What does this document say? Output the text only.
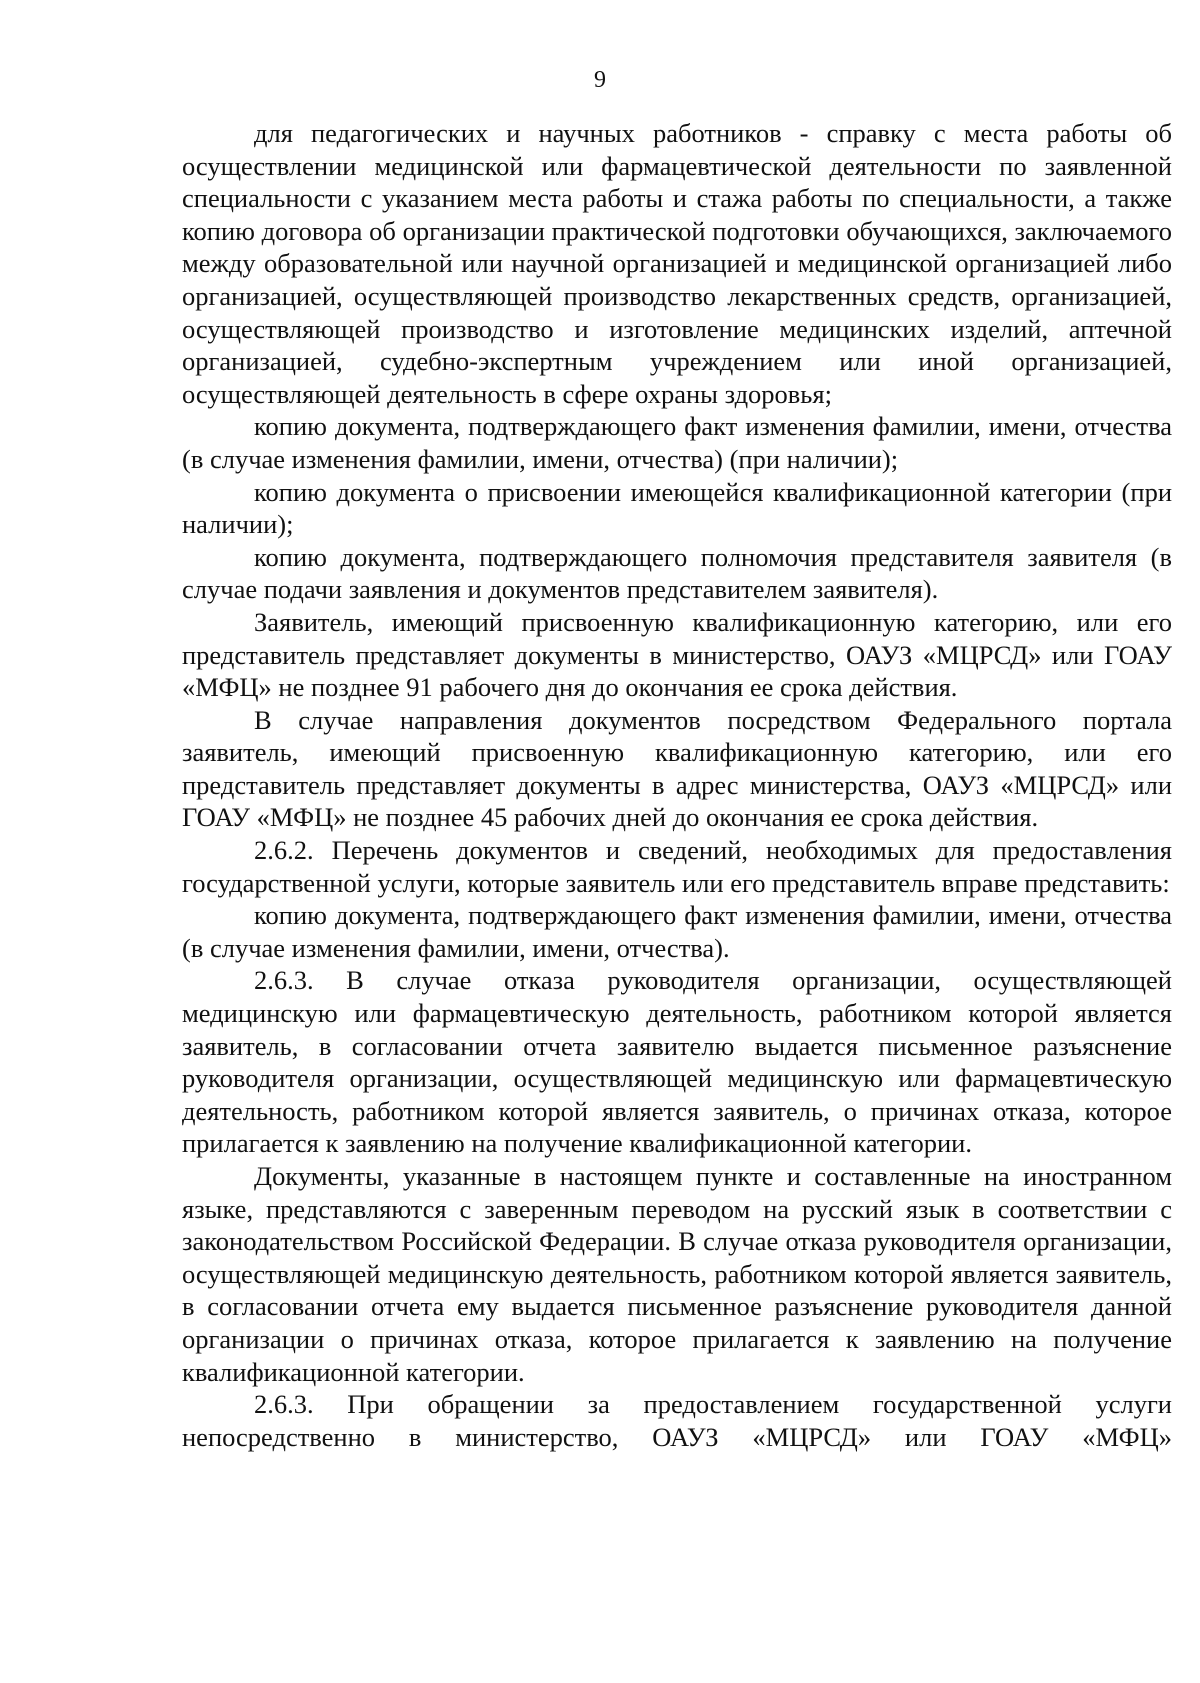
9

для педагогических и научных работников - справку с места работы об осуществлении медицинской или фармацевтической деятельности по заявленной специальности с указанием места работы и стажа работы по специальности, а также копию договора об организации практической подготовки обучающихся, заключаемого между образовательной или научной организацией и медицинской организацией либо организацией, осуществляющей производство лекарственных средств, организацией, осуществляющей производство и изготовление медицинских изделий, аптечной организацией, судебно-экспертным учреждением или иной организацией, осуществляющей деятельность в сфере охраны здоровья;

копию документа, подтверждающего факт изменения фамилии, имени, отчества (в случае изменения фамилии, имени, отчества) (при наличии);

копию документа о присвоении имеющейся квалификационной категории (при наличии);

копию документа, подтверждающего полномочия представителя заявителя (в случае подачи заявления и документов представителем заявителя).

Заявитель, имеющий присвоенную квалификационную категорию, или его представитель представляет документы в министерство, ОАУЗ «МЦРСД» или ГОАУ «МФЦ» не позднее 91 рабочего дня до окончания ее срока действия.

В случае направления документов посредством Федерального портала заявитель, имеющий присвоенную квалификационную категорию, или его представитель представляет документы в адрес министерства, ОАУЗ «МЦРСД» или ГОАУ «МФЦ» не позднее 45 рабочих дней до окончания ее срока действия.

2.6.2. Перечень документов и сведений, необходимых для предоставления государственной услуги, которые заявитель или его представитель вправе представить:

копию документа, подтверждающего факт изменения фамилии, имени, отчества (в случае изменения фамилии, имени, отчества).

2.6.3. В случае отказа руководителя организации, осуществляющей медицинскую или фармацевтическую деятельность, работником которой является заявитель, в согласовании отчета заявителю выдается письменное разъяснение руководителя организации, осуществляющей медицинскую или фармацевтическую деятельность, работником которой является заявитель, о причинах отказа, которое прилагается к заявлению на получение квалификационной категории.

Документы, указанные в настоящем пункте и составленные на иностранном языке, представляются с заверенным переводом на русский язык в соответствии с законодательством Российской Федерации. В случае отказа руководителя организации, осуществляющей медицинскую деятельность, работником которой является заявитель, в согласовании отчета ему выдается письменное разъяснение руководителя данной организации о причинах отказа, которое прилагается к заявлению на получение квалификационной категории.

2.6.3. При обращении за предоставлением государственной услуги непосредственно в министерство, ОАУЗ «МЦРСД» или ГОАУ «МФЦ»
